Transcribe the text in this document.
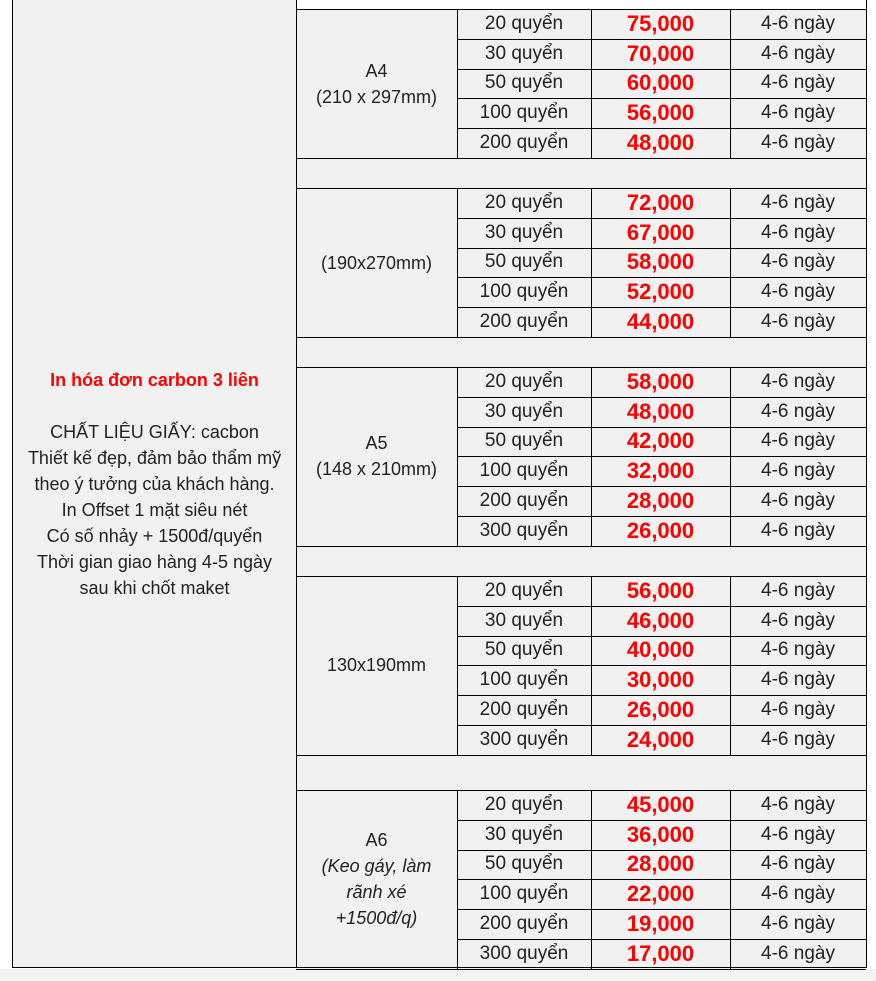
In hóa đơn carbon 3 liên
CHẤT LIỆU GIẤY: cacbon
Thiết kế đẹp, đảm bảo thẩm mỹ
theo ý tưởng của khách hàng.
In Offset 1 mặt siêu nét
Có số nhảy + 1500đ/quyển
Thời gian giao hàng 4-5 ngày
sau khi chốt maket
A4
(210 x 297mm)
20 quyển	75,000	4-6 ngày
30 quyển	70,000	4-6 ngày
50 quyển	60,000	4-6 ngày
100 quyển	56,000	4-6 ngày
200 quyển	48,000	4-6 ngày
(190x270mm)
20 quyển	72,000	4-6 ngày
30 quyển	67,000	4-6 ngày
50 quyển	58,000	4-6 ngày
100 quyển	52,000	4-6 ngày
200 quyển	44,000	4-6 ngày
A5
(148 x 210mm)
20 quyển	58,000	4-6 ngày
30 quyển	48,000	4-6 ngày
50 quyển	42,000	4-6 ngày
100 quyển	32,000	4-6 ngày
200 quyển	28,000	4-6 ngày
300 quyển	26,000	4-6 ngày
130x190mm
20 quyển	56,000	4-6 ngày
30 quyển	46,000	4-6 ngày
50 quyển	40,000	4-6 ngày
100 quyển	30,000	4-6 ngày
200 quyển	26,000	4-6 ngày
300 quyển	24,000	4-6 ngày
A6
(Keo gáy, làm rãnh xé +1500đ/q)
20 quyển	45,000	4-6 ngày
30 quyển	36,000	4-6 ngày
50 quyển	28,000	4-6 ngày
100 quyển	22,000	4-6 ngày
200 quyển	19,000	4-6 ngày
300 quyển	17,000	4-6 ngày
